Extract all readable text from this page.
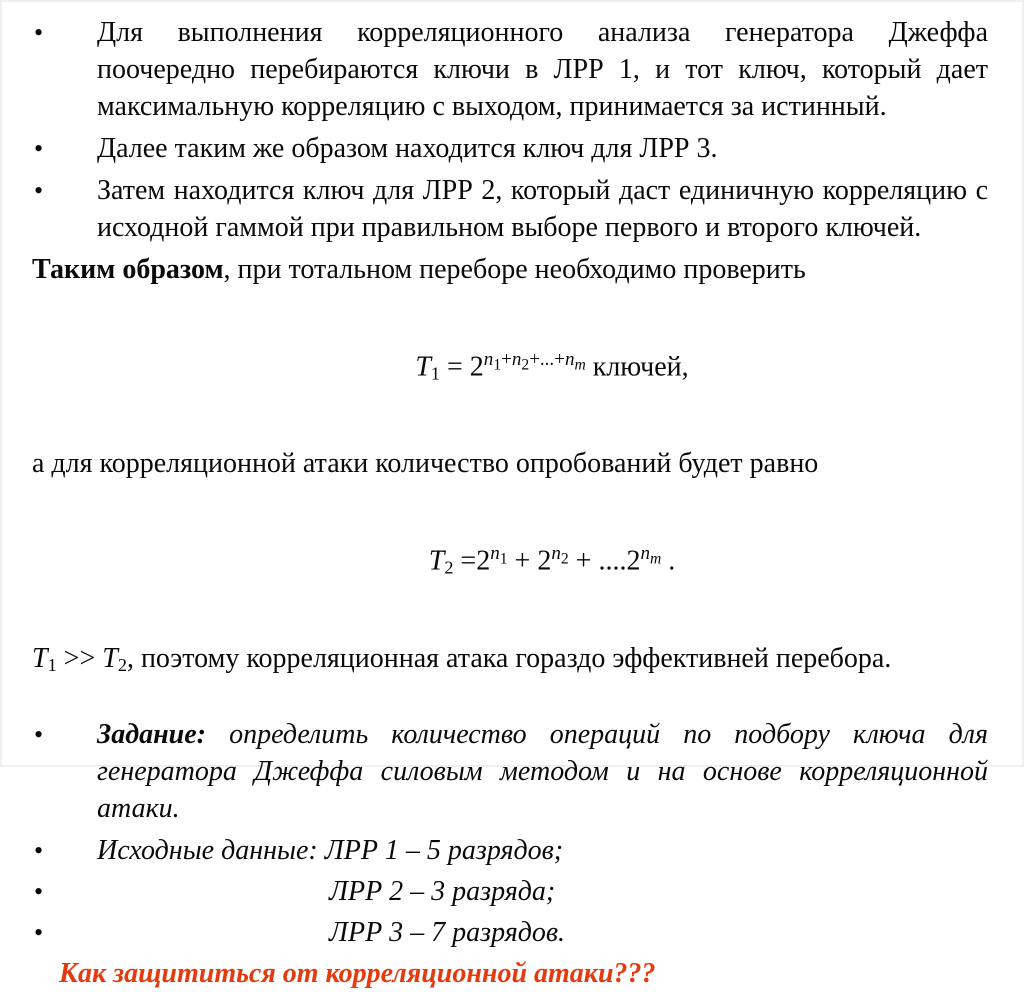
• Для выполнения корреляционного анализа генератора Джеффа поочередно перебираются ключи в ЛРР 1, и тот ключ, который дает максимальную корреляцию с выходом, принимается за истинный.
• Далее таким же образом находится ключ для ЛРР 3.
• Затем находится ключ для ЛРР 2, который даст единичную корреляцию с исходной гаммой при правильном выборе первого и второго ключей.

Таким образом, при тотальном переборе необходимо проверить

$T1 = 2^{n_1+n_2+...+n_m}$ ключей,

а для корреляционной атаки количество опробований будет равно

$T2 =2^{n_1} + 2^{n_2} + ....2^{n_m}$ .

T1 >> T2, поэтому корреляционная атака гораздо эффективней перебора.

• Задание: определить количество операций по подбору ключа для генератора Джеффа силовым методом и на основе корреляционной атаки.
• Исходные данные: ЛРР 1 – 5 разрядов;
•	ЛРР 2 – 3 разряда;
•	ЛРР 3 – 7 разрядов.

Как защититься от корреляционной атаки???
